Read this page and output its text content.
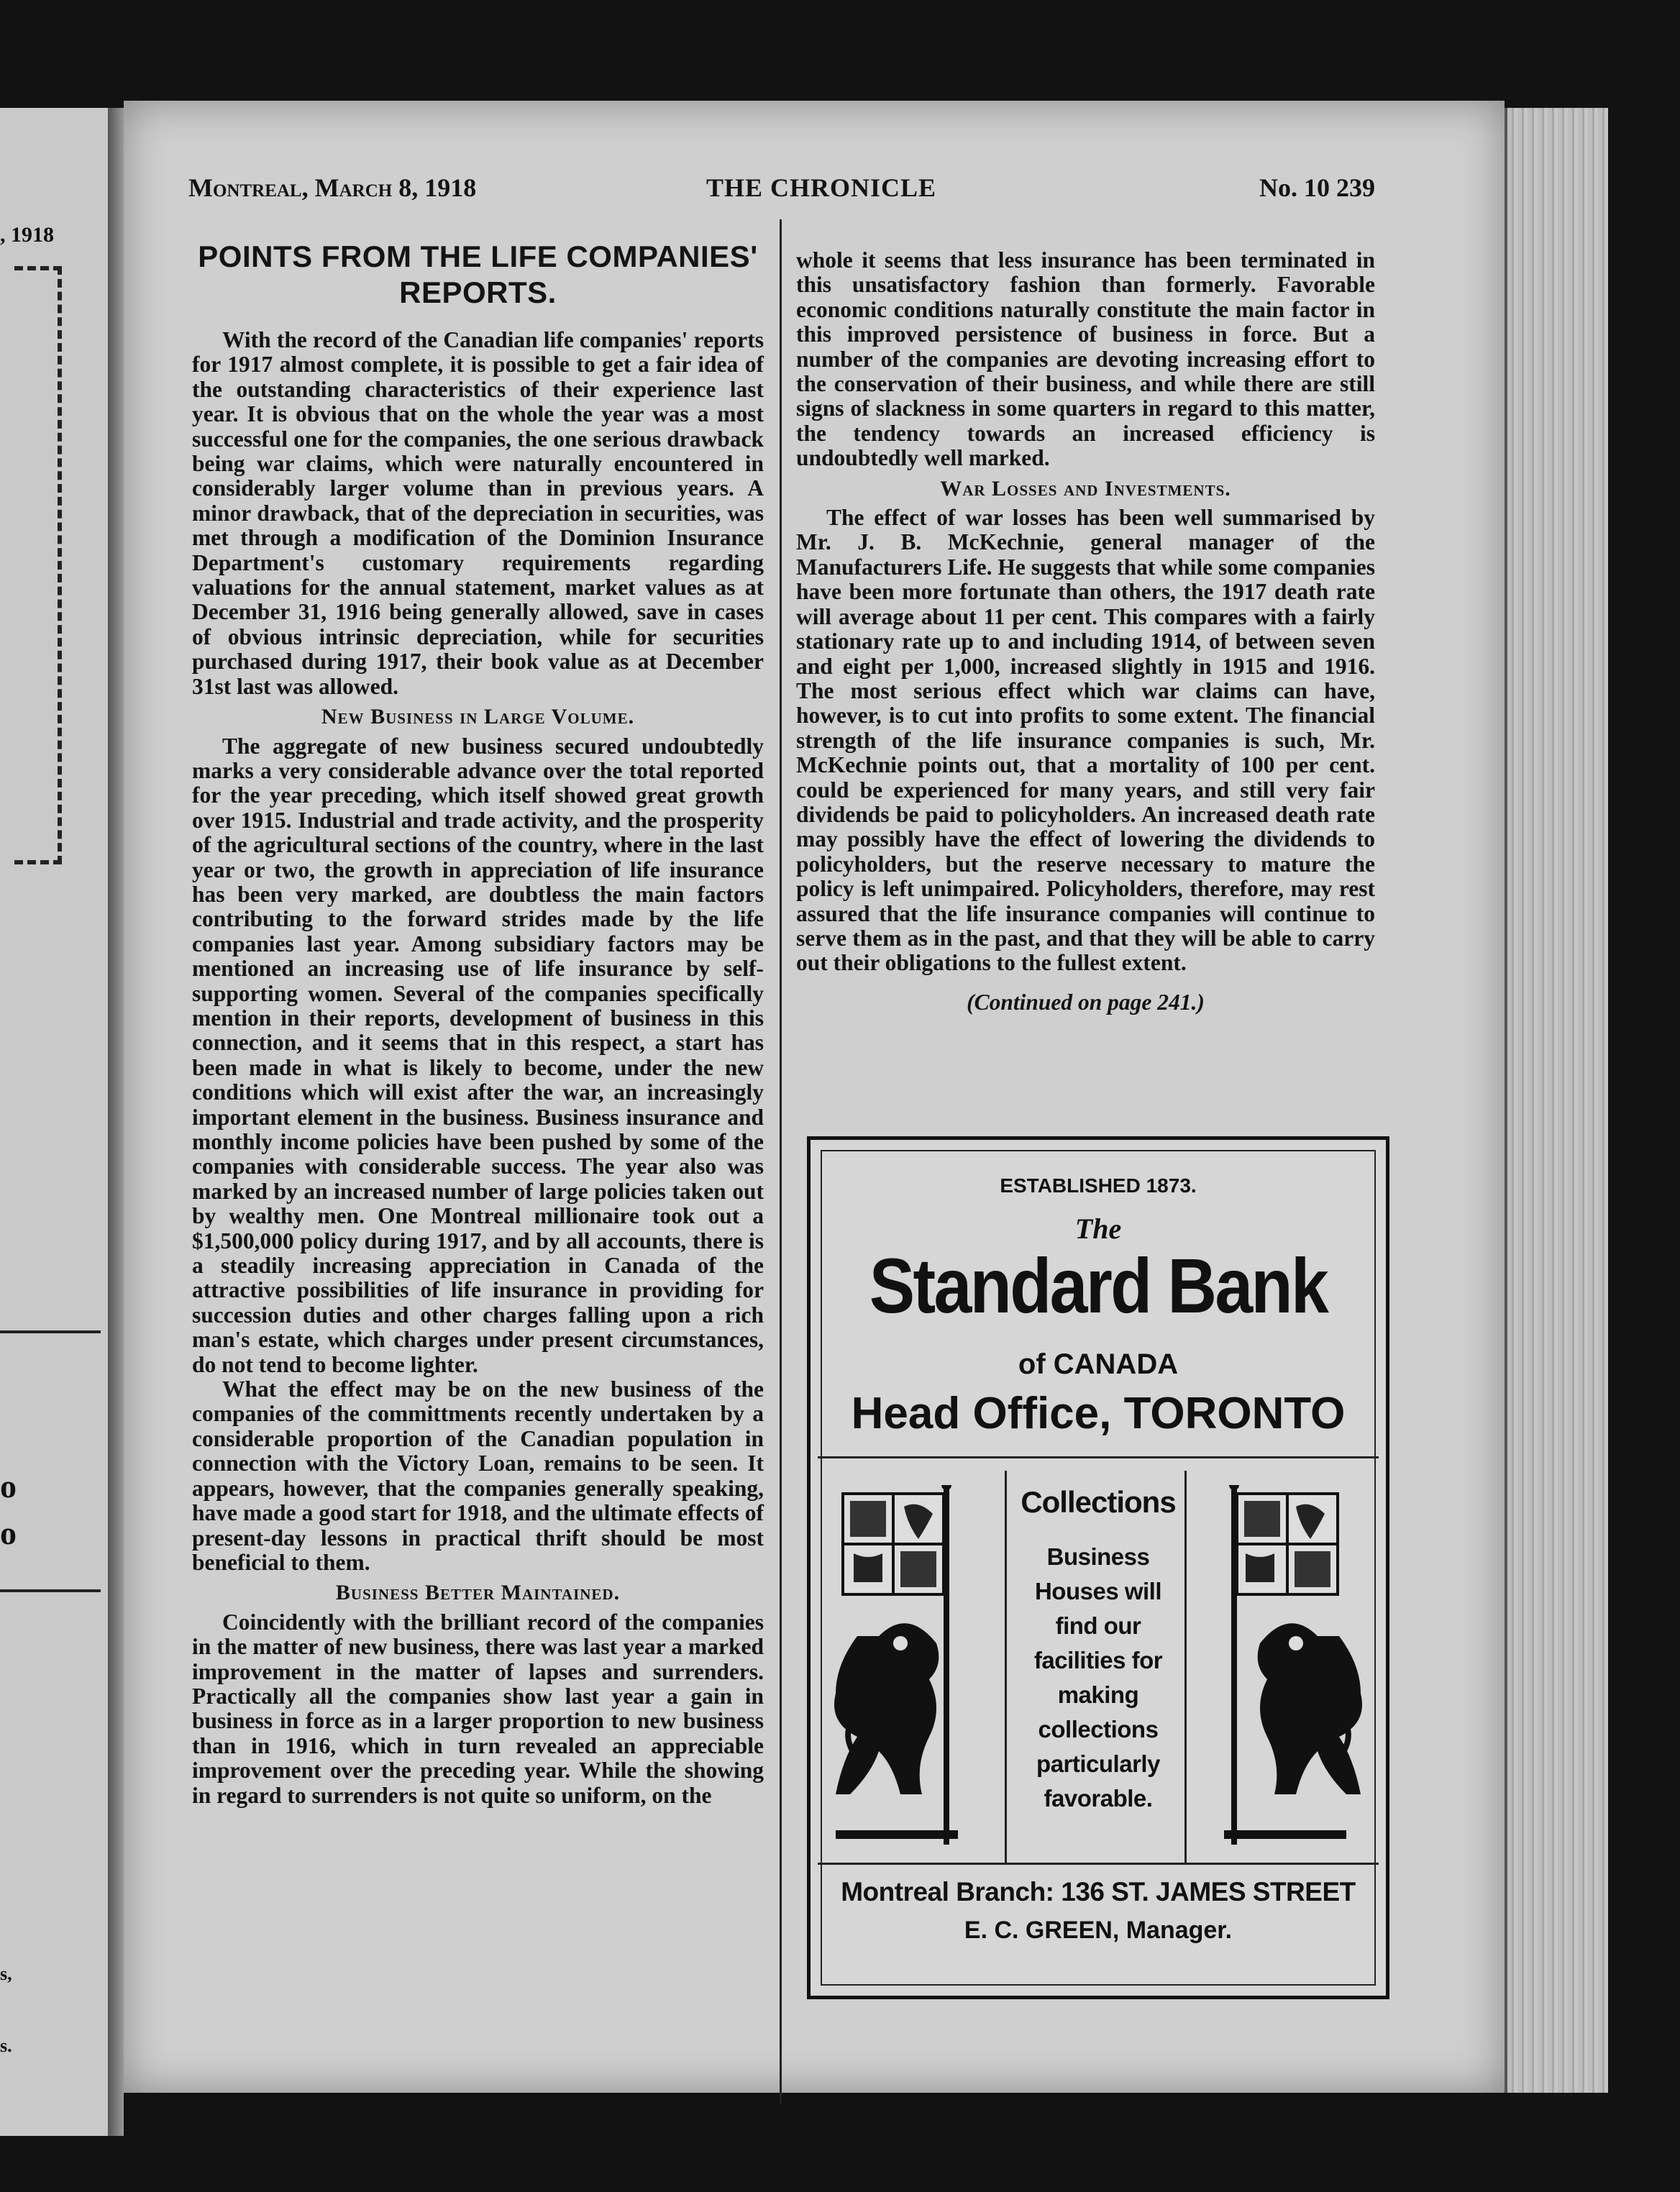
, 1918
o
o
s,
s.
Montreal, March 8, 1918	THE CHRONICLE	No. 10 239
POINTS FROM THE LIFE COMPANIES' REPORTS.

With the record of the Canadian life companies' reports for 1917 almost complete, it is possible to get a fair idea of the outstanding characteristics of their experience last year. It is obvious that on the whole the year was a most successful one for the companies, the one serious drawback being war claims, which were naturally encountered in considerably larger volume than in previous years. A minor drawback, that of the depreciation in securities, was met through a modification of the Dominion Insurance Department's customary requirements regarding valuations for the annual statement, market values as at December 31, 1916 being generally allowed, save in cases of obvious intrinsic depreciation, while for securities purchased during 1917, their book value as at December 31st last was allowed.

New Business in Large Volume.

The aggregate of new business secured undoubtedly marks a very considerable advance over the total reported for the year preceding, which itself showed great growth over 1915. Industrial and trade activity, and the prosperity of the agricultural sections of the country, where in the last year or two, the growth in appreciation of life insurance has been very marked, are doubtless the main factors contributing to the forward strides made by the life companies last year. Among subsidiary factors may be mentioned an increasing use of life insurance by self-supporting women. Several of the companies specifically mention in their reports, development of business in this connection, and it seems that in this respect, a start has been made in what is likely to become, under the new conditions which will exist after the war, an increasingly important element in the business. Business insurance and monthly income policies have been pushed by some of the companies with considerable success. The year also was marked by an increased number of large policies taken out by wealthy men. One Montreal millionaire took out a $1,500,000 policy during 1917, and by all accounts, there is a steadily increasing appreciation in Canada of the attractive possibilities of life insurance in providing for succession duties and other charges falling upon a rich man's estate, which charges under present circumstances, do not tend to become lighter.

What the effect may be on the new business of the companies of the committments recently undertaken by a considerable proportion of the Canadian population in connection with the Victory Loan, remains to be seen. It appears, however, that the companies generally speaking, have made a good start for 1918, and the ultimate effects of present-day lessons in practical thrift should be most beneficial to them.

Business Better Maintained.

Coincidently with the brilliant record of the companies in the matter of new business, there was last year a marked improvement in the matter of lapses and surrenders. Practically all the companies show last year a gain in business in force as in a larger proportion to new business than in 1916, which in turn revealed an appreciable improvement over the preceding year. While the showing in regard to surrenders is not quite so uniform, on the

whole it seems that less insurance has been terminated in this unsatisfactory fashion than formerly. Favorable economic conditions naturally constitute the main factor in this improved persistence of business in force. But a number of the companies are devoting increasing effort to the conservation of their business, and while there are still signs of slackness in some quarters in regard to this matter, the tendency towards an increased efficiency is undoubtedly well marked.

War Losses and Investments.

The effect of war losses has been well summarised by Mr. J. B. McKechnie, general manager of the Manufacturers Life. He suggests that while some companies have been more fortunate than others, the 1917 death rate will average about 11 per cent. This compares with a fairly stationary rate up to and including 1914, of between seven and eight per 1,000, increased slightly in 1915 and 1916. The most serious effect which war claims can have, however, is to cut into profits to some extent. The financial strength of the life insurance companies is such, Mr. McKechnie points out, that a mortality of 100 per cent. could be experienced for many years, and still very fair dividends be paid to policyholders. An increased death rate may possibly have the effect of lowering the dividends to policyholders, but the reserve necessary to mature the policy is left unimpaired. Policyholders, therefore, may rest assured that the life insurance companies will continue to serve them as in the past, and that they will be able to carry out their obligations to the fullest extent.

(Continued on page 241.)
ESTABLISHED 1873.
The
Standard Bank
of CANADA
Head Office, TORONTO
Collections
Business
Houses will
find our
facilities for
making
collections
particularly
favorable.
Montreal Branch: 136 ST. JAMES STREET
E. C. GREEN, Manager.
